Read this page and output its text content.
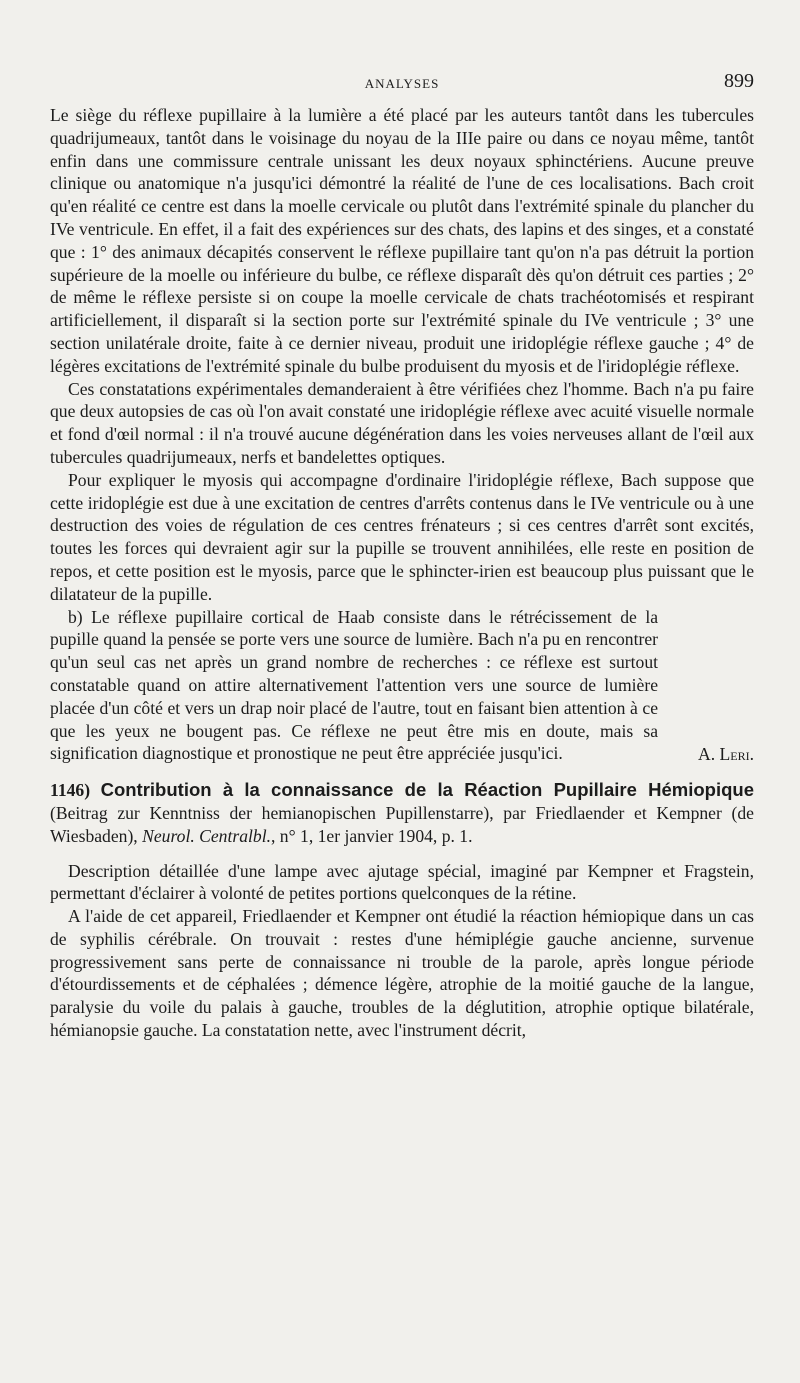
ANALYSES	899

Le siège du réflexe pupillaire à la lumière a été placé par les auteurs tantôt dans les tubercules quadrijumeaux, tantôt dans le voisinage du noyau de la IIIe paire ou dans ce noyau même, tantôt enfin dans une commissure centrale unissant les deux noyaux sphinctériens. Aucune preuve clinique ou anatomique n'a jusqu'ici démontré la réalité de l'une de ces localisations. Bach croit qu'en réalité ce centre est dans la moelle cervicale ou plutôt dans l'extrémité spinale du plancher du IVe ventricule. En effet, il a fait des expériences sur des chats, des lapins et des singes, et a constaté que : 1° des animaux décapités conservent le réflexe pupillaire tant qu'on n'a pas détruit la portion supérieure de la moelle ou inférieure du bulbe, ce réflexe disparaît dès qu'on détruit ces parties ; 2° de même le réflexe persiste si on coupe la moelle cervicale de chats trachéotomisés et respirant artificiellement, il disparaît si la section porte sur l'extrémité spinale du IVe ventricule ; 3° une section unilatérale droite, faite à ce dernier niveau, produit une iridoplégie réflexe gauche ; 4° de légères excitations de l'extrémité spinale du bulbe produisent du myosis et de l'iridoplégie réflexe.

Ces constatations expérimentales demanderaient à être vérifiées chez l'homme. Bach n'a pu faire que deux autopsies de cas où l'on avait constaté une iridoplégie réflexe avec acuité visuelle normale et fond d'œil normal : il n'a trouvé aucune dégénération dans les voies nerveuses allant de l'œil aux tubercules quadrijumeaux, nerfs et bandelettes optiques.

Pour expliquer le myosis qui accompagne d'ordinaire l'iridoplégie réflexe, Bach suppose que cette iridoplégie est due à une excitation de centres d'arrêts contenus dans le IVe ventricule ou à une destruction des voies de régulation de ces centres frénateurs ; si ces centres d'arrêt sont excités, toutes les forces qui devraient agir sur la pupille se trouvent annihilées, elle reste en position de repos, et cette position est le myosis, parce que le sphincter-irien est beaucoup plus puissant que le dilatateur de la pupille.

b) Le réflexe pupillaire cortical de Haab consiste dans le rétrécissement de la pupille quand la pensée se porte vers une source de lumière. Bach n'a pu en rencontrer qu'un seul cas net après un grand nombre de recherches : ce réflexe est surtout constatable quand on attire alternativement l'attention vers une source de lumière placée d'un côté et vers un drap noir placé de l'autre, tout en faisant bien attention à ce que les yeux ne bougent pas. Ce réflexe ne peut être mis en doute, mais sa signification diagnostique et pronostique ne peut être appréciée jusqu'ici.	A. Leri.
1146) Contribution à la connaissance de la Réaction Pupillaire Hémiopique (Beitrag zur Kenntniss der hemianopischen Pupillenstarre), par Friedlaender et Kempner (de Wiesbaden), Neurol. Centralbl., n° 1, 1er janvier 1904, p. 1.

Description détaillée d'une lampe avec ajutage spécial, imaginé par Kempner et Fragstein, permettant d'éclairer à volonté de petites portions quelconques de la rétine.

A l'aide de cet appareil, Friedlaender et Kempner ont étudié la réaction hémiopique dans un cas de syphilis cérébrale. On trouvait : restes d'une hémiplégie gauche ancienne, survenue progressivement sans perte de connaissance ni trouble de la parole, après longue période d'étourdissements et de céphalées ; démence légère, atrophie de la moitié gauche de la langue, paralysie du voile du palais à gauche, troubles de la déglutition, atrophie optique bilatérale, hémianopsie gauche. La constatation nette, avec l'instrument décrit,
